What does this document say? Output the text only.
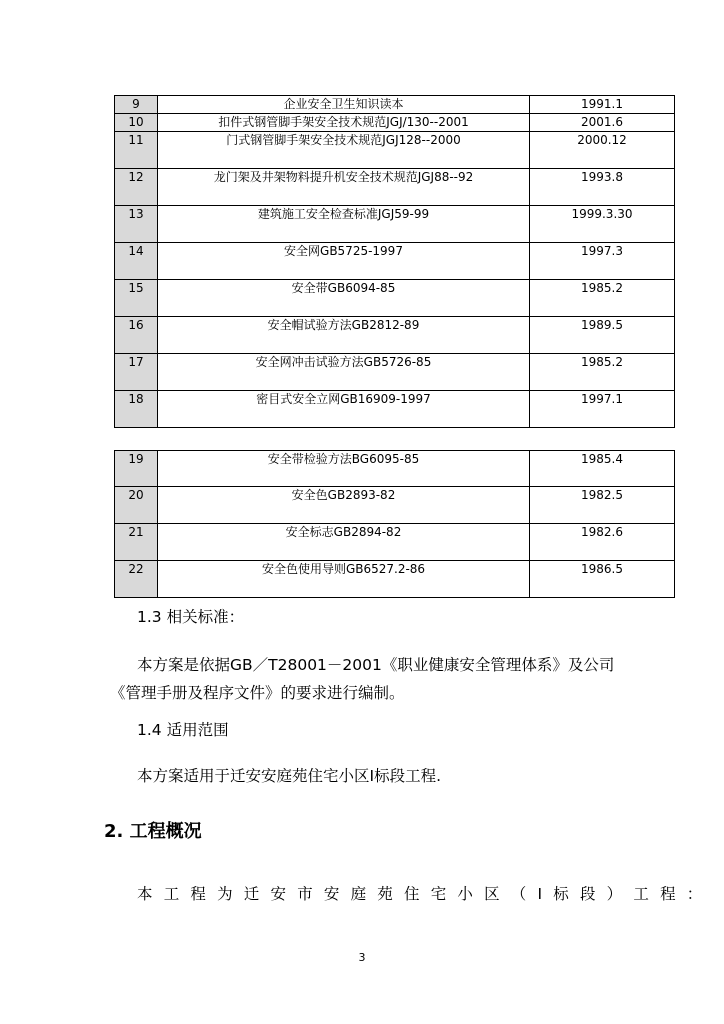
9	企业安全卫生知识读本	1991.1
10	扣件式钢管脚手架安全技术规范JGJ/130--2001	2001.6
11	门式钢管脚手架安全技术规范JGJ128--2000	2000.12
12	龙门架及井架物料提升机安全技术规范JGJ88--92	1993.8
13	建筑施工安全检查标准JGJ59-99	1999.3.30
14	安全网GB5725-1997	1997.3
15	安全带GB6094-85	1985.2
16	安全帽试验方法GB2812-89	1989.5
17	安全网冲击试验方法GB5726-85	1985.2
18	密目式安全立网GB16909-1997	1997.1
19	安全带检验方法BG6095-85	1985.4
20	安全色GB2893-82	1982.5
21	安全标志GB2894-82	1982.6
22	安全色使用导则GB6527.2-86	1986.5
1.3 相关标准：
本方案是依据GB／T28001－2001《职业健康安全管理体系》及公司
《管理手册及程序文件》的要求进行编制。
1.4 适用范围
本方案适用于迁安安庭苑住宅小区Ⅰ标段工程.
2. 工程概况
本工程为迁安市安庭苑住宅小区（Ⅰ标段）工程：
3
